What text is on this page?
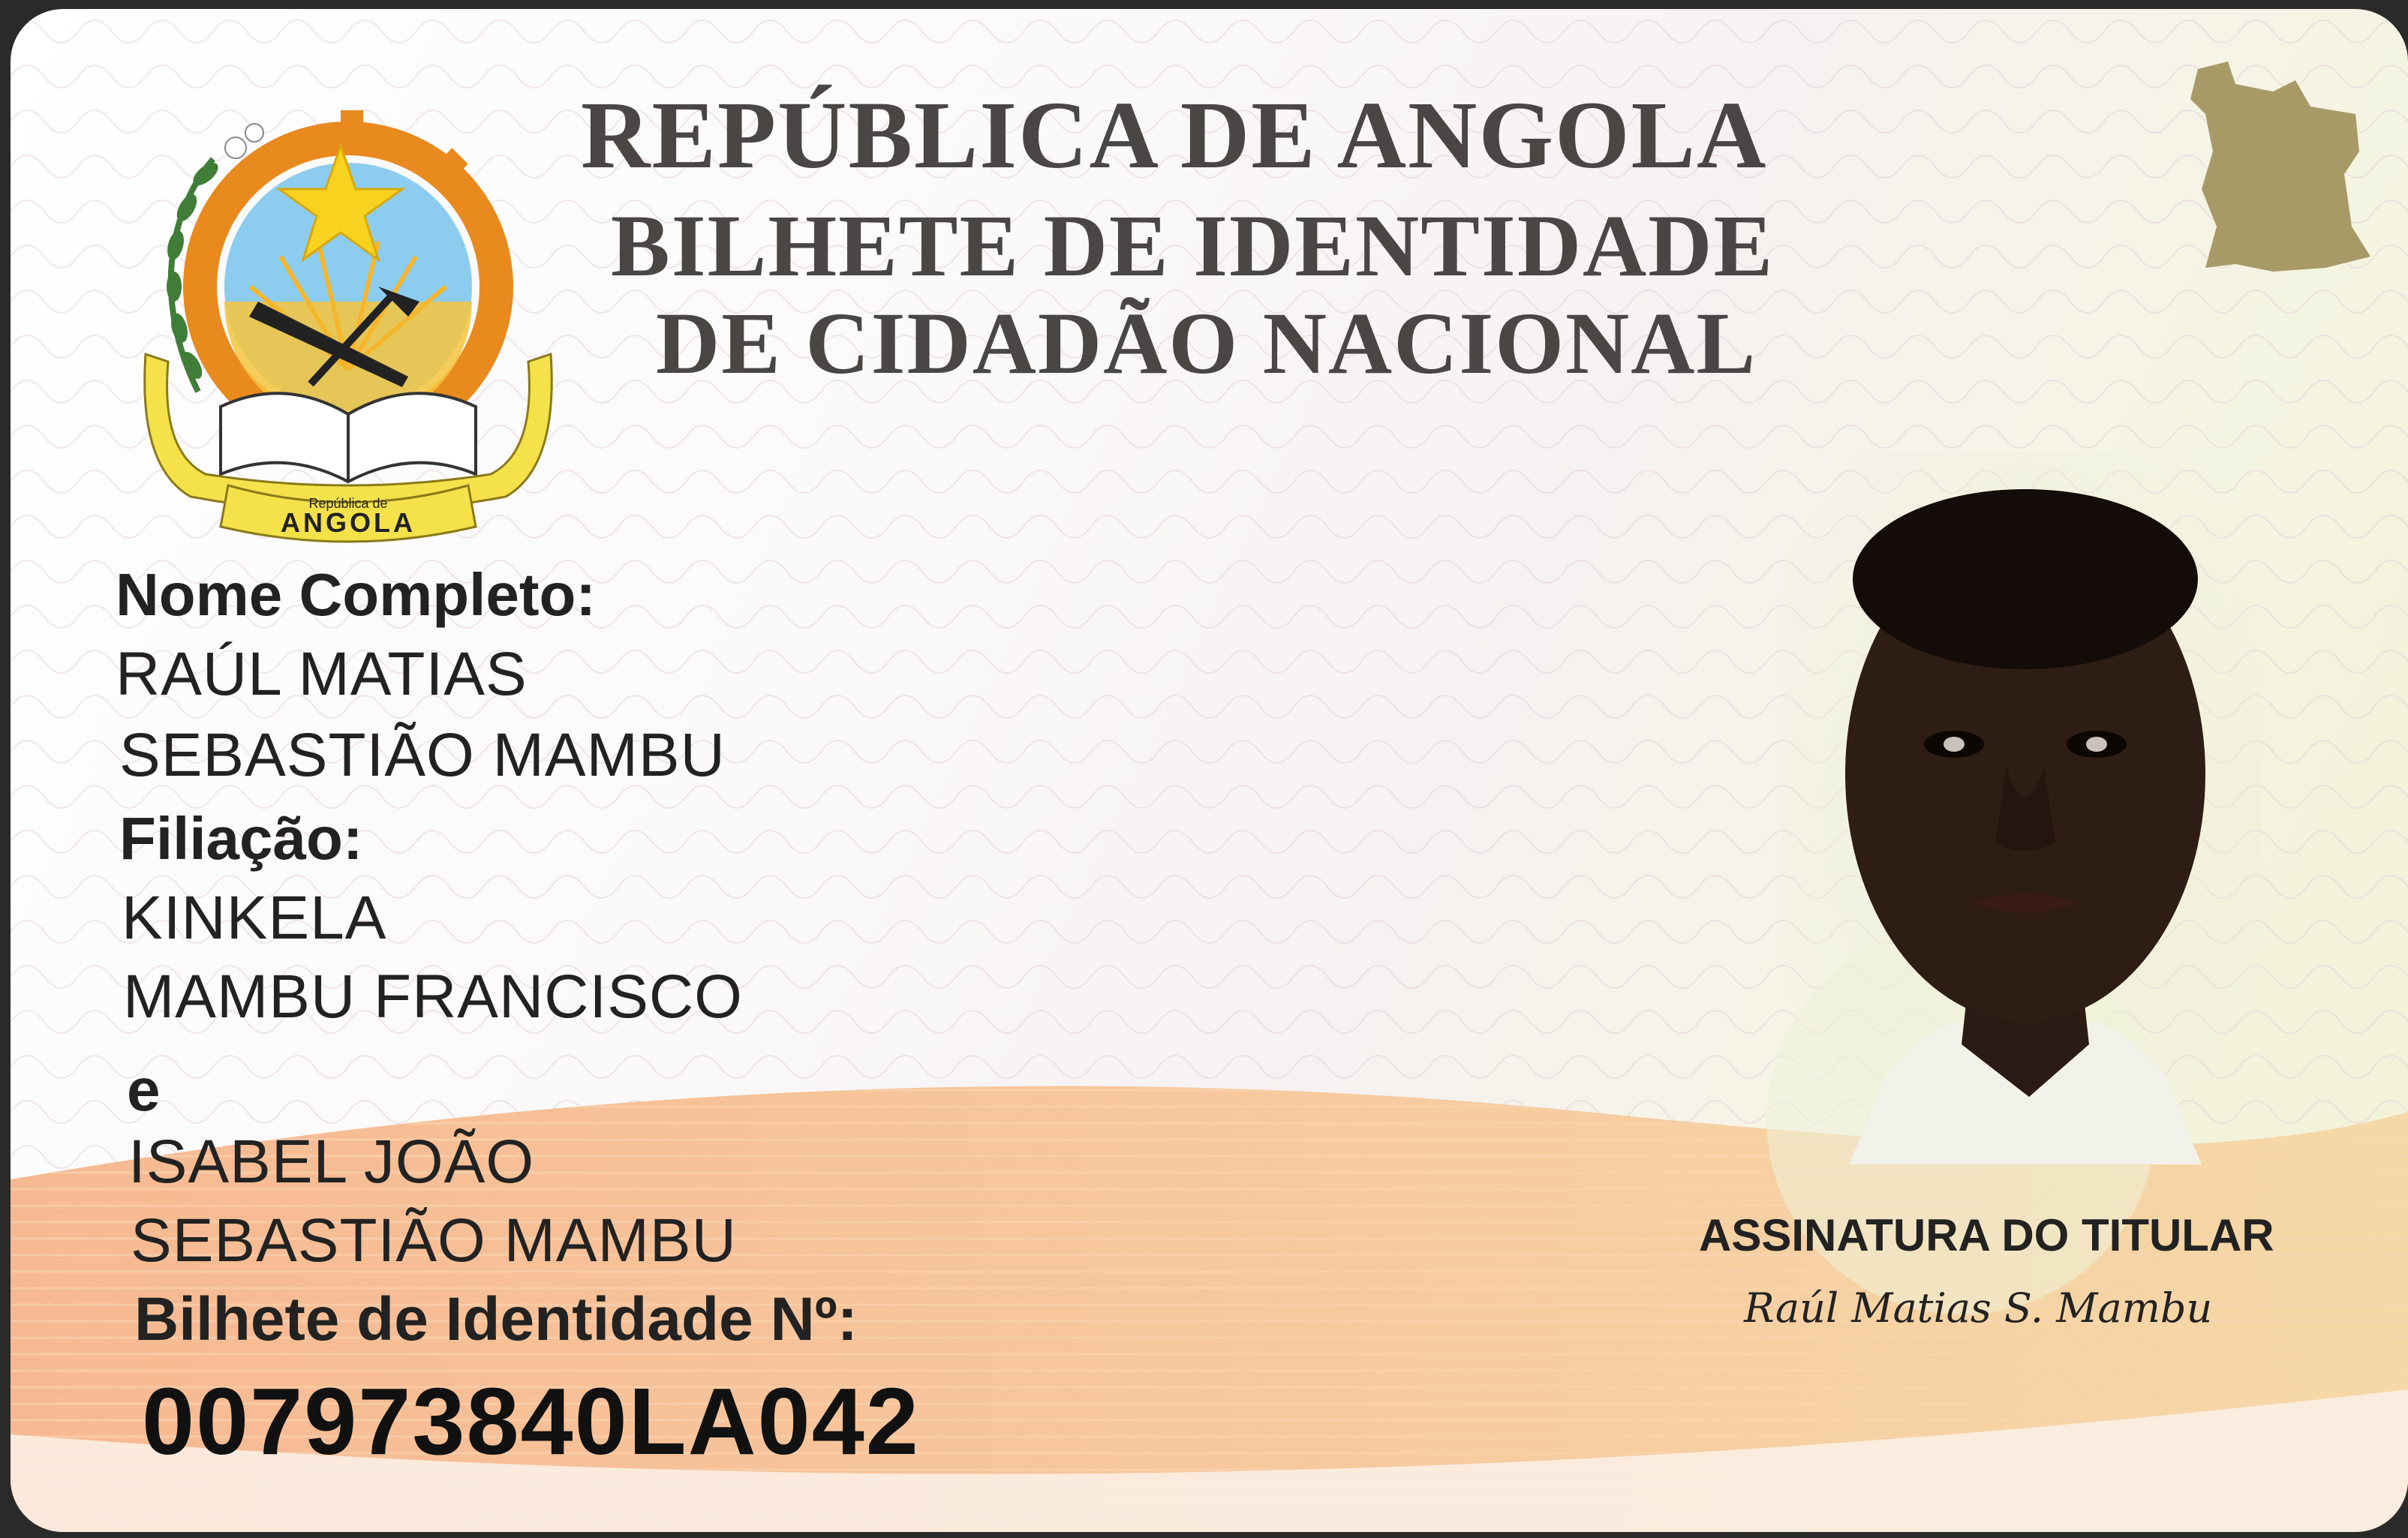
República de
ANGOLA
REPÚBLICA DE ANGOLA
BILHETE DE IDENTIDADE
DE CIDADÃO NACIONAL
Nome Completo:
RAÚL MATIAS
SEBASTIÃO MAMBU
Filiação:
KINKELA
MAMBU FRANCISCO
e
ISABEL JOÃO
SEBASTIÃO MAMBU
Bilhete de Identidade Nº:
007973840LA042
ASSINATURA DO TITULAR
Raúl Matias S. Mambu
